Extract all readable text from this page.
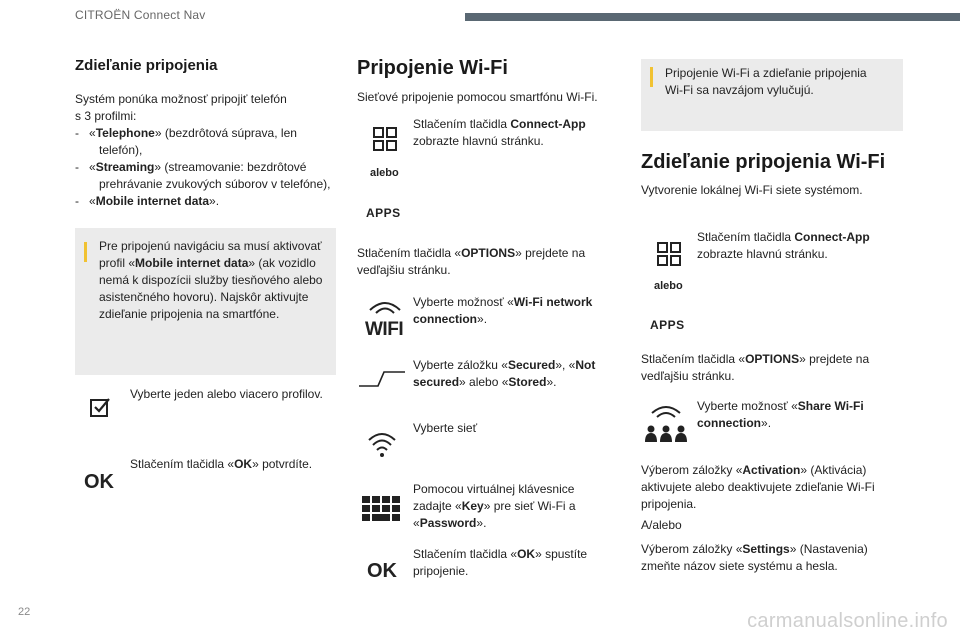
CITROËN Connect Nav
Zdieľanie pripojenia
Systém ponúka možnosť pripojiť telefón
s 3 profilmi:
- «Telephone» (bezdrôtová súprava, len
telefón),
- «Streaming» (streamovanie: bezdrôtové
prehrávanie zvukových súborov v telefóne),
- «Mobile internet data».
Pre pripojenú navigáciu sa musí aktivovať
profil «Mobile internet data» (ak vozidlo
nemá k dispozícii služby tiesňového alebo
asistenčného hovoru). Najskôr aktivujte
zdieľanie pripojenia na smartfóne.
Vyberte jeden alebo viacero profilov.
OK
Stlačením tlačidla «OK» potvrdíte.
Pripojenie Wi-Fi
Sieťové pripojenie pomocou smartfónu Wi-Fi.
Stlačením tlačidla Connect-App
zobrazte hlavnú stránku.
alebo
APPS
Stlačením tlačidla «OPTIONS» prejdete na
vedľajšiu stránku.
WIFI
Vyberte možnosť «Wi-Fi network
connection».
Vyberte záložku «Secured», «Not
secured» alebo «Stored».
Vyberte sieť
Pomocou virtuálnej klávesnice
zadajte «Key» pre sieť Wi-Fi a
«Password».
OK
Stlačením tlačidla «OK» spustíte
pripojenie.
Pripojenie Wi-Fi a zdieľanie pripojenia
Wi-Fi sa navzájom vylučujú.
Zdieľanie pripojenia Wi-Fi
Vytvorenie lokálnej Wi-Fi siete systémom.
Stlačením tlačidla Connect-App
zobrazte hlavnú stránku.
alebo
APPS
Stlačením tlačidla «OPTIONS» prejdete na
vedľajšiu stránku.
Vyberte možnosť «Share Wi-Fi
connection».
Výberom záložky «Activation» (Aktivácia)
aktivujete alebo deaktivujete zdieľanie Wi-Fi
pripojenia.
A/alebo
Výberom záložky «Settings» (Nastavenia)
zmeňte názov siete systému a hesla.
22	carmanualsonline.info
